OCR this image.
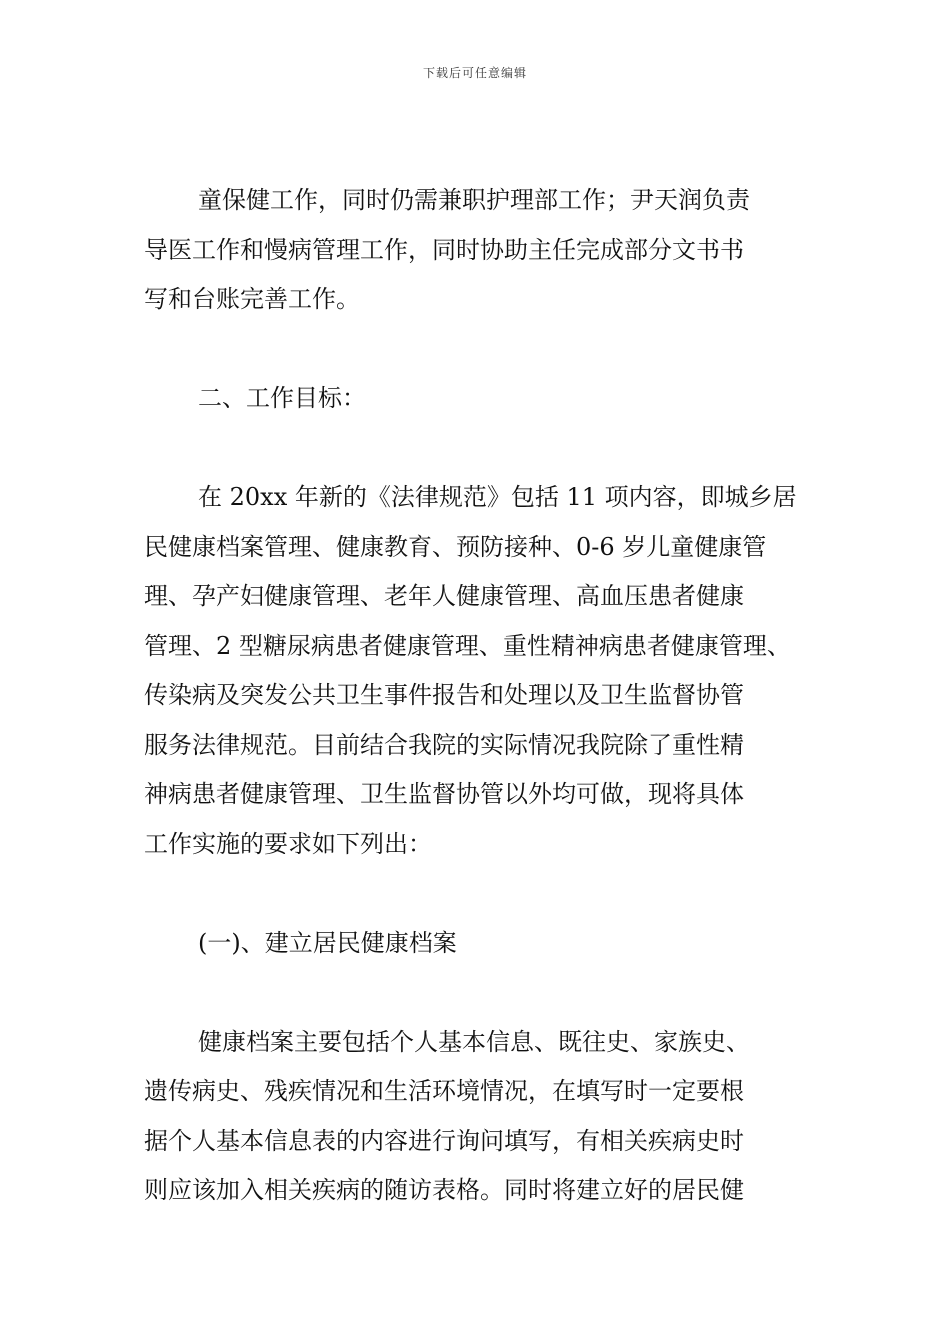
下载后可任意编辑

童保健工作，同时仍需兼职护理部工作；尹天润负责
导医工作和慢病管理工作，同时协助主任完成部分文书书
写和台账完善工作。

二、工作目标：

在 20xx 年新的《法律规范》包括 11 项内容，即城乡居
民健康档案管理、健康教育、预防接种、0-6 岁儿童健康管
理、孕产妇健康管理、老年人健康管理、高血压患者健康
管理、2 型糖尿病患者健康管理、重性精神病患者健康管理、
传染病及突发公共卫生事件报告和处理以及卫生监督协管
服务法律规范。目前结合我院的实际情况我院除了重性精
神病患者健康管理、卫生监督协管以外均可做，现将具体
工作实施的要求如下列出：

(一)、建立居民健康档案

健康档案主要包括个人基本信息、既往史、家族史、
遗传病史、残疾情况和生活环境情况，在填写时一定要根
据个人基本信息表的内容进行询问填写，有相关疾病史时
则应该加入相关疾病的随访表格。同时将建立好的居民健
